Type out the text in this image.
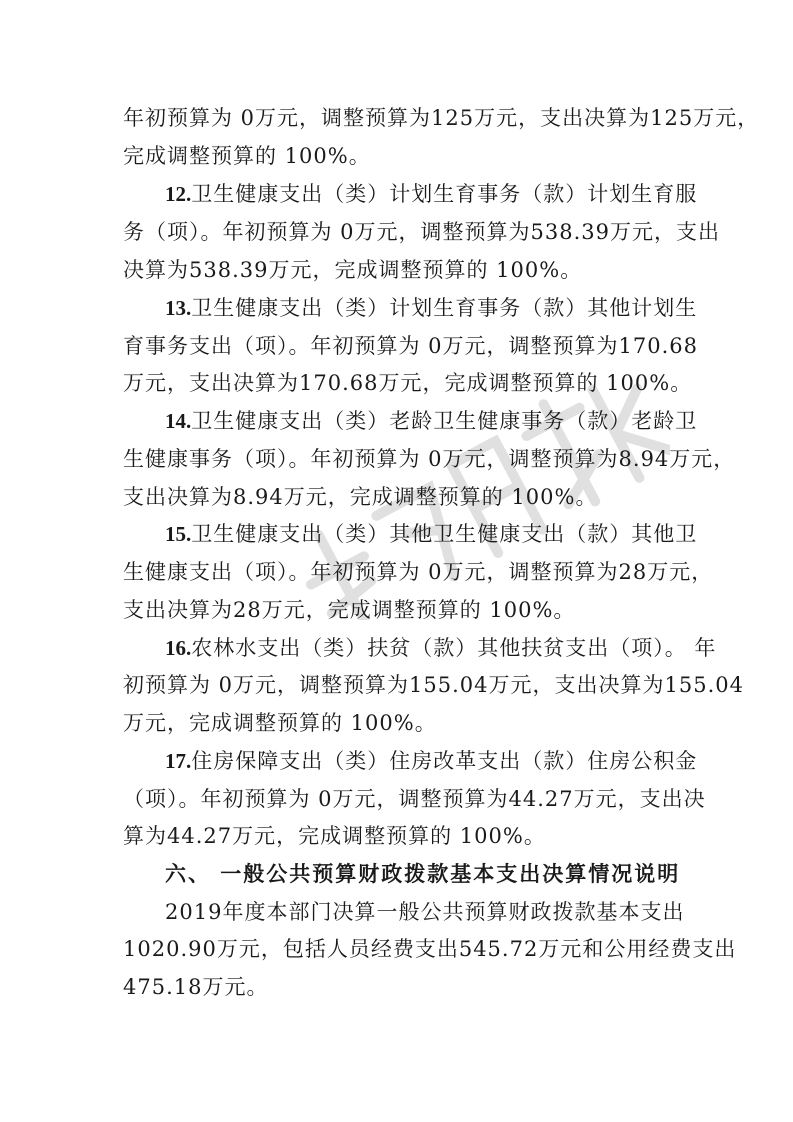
年初预算为 0万元，调整预算为125万元，支出决算为125万元，
完成调整预算的 100%。
12.卫生健康支出（类）计划生育事务（款）计划生育服
务（项）。年初预算为 0万元，调整预算为538.39万元，支出
决算为538.39万元，完成调整预算的 100%。
13.卫生健康支出（类）计划生育事务（款）其他计划生
育事务支出（项）。年初预算为 0万元，调整预算为170.68
万元，支出决算为170.68万元，完成调整预算的 100%。
14.卫生健康支出（类）老龄卫生健康事务（款）老龄卫
生健康事务（项）。年初预算为 0万元，调整预算为8.94万元，
支出决算为8.94万元，完成调整预算的 100%。
15.卫生健康支出（类）其他卫生健康支出（款）其他卫
生健康支出（项）。年初预算为 0万元，调整预算为28万元，
支出决算为28万元，完成调整预算的 100%。
16.农林水支出（类）扶贫（款）其他扶贫支出（项）。 年
初预算为 0万元，调整预算为155.04万元，支出决算为155.04
万元，完成调整预算的 100%。
17.住房保障支出（类）住房改革支出（款）住房公积金
（项）。年初预算为 0万元，调整预算为44.27万元，支出决
算为44.27万元，完成调整预算的 100%。
六、 一般公共预算财政拨款基本支出决算情况说明
2019年度本部门决算一般公共预算财政拨款基本支出
1020.90万元，包括人员经费支出545.72万元和公用经费支出
475.18万元。
